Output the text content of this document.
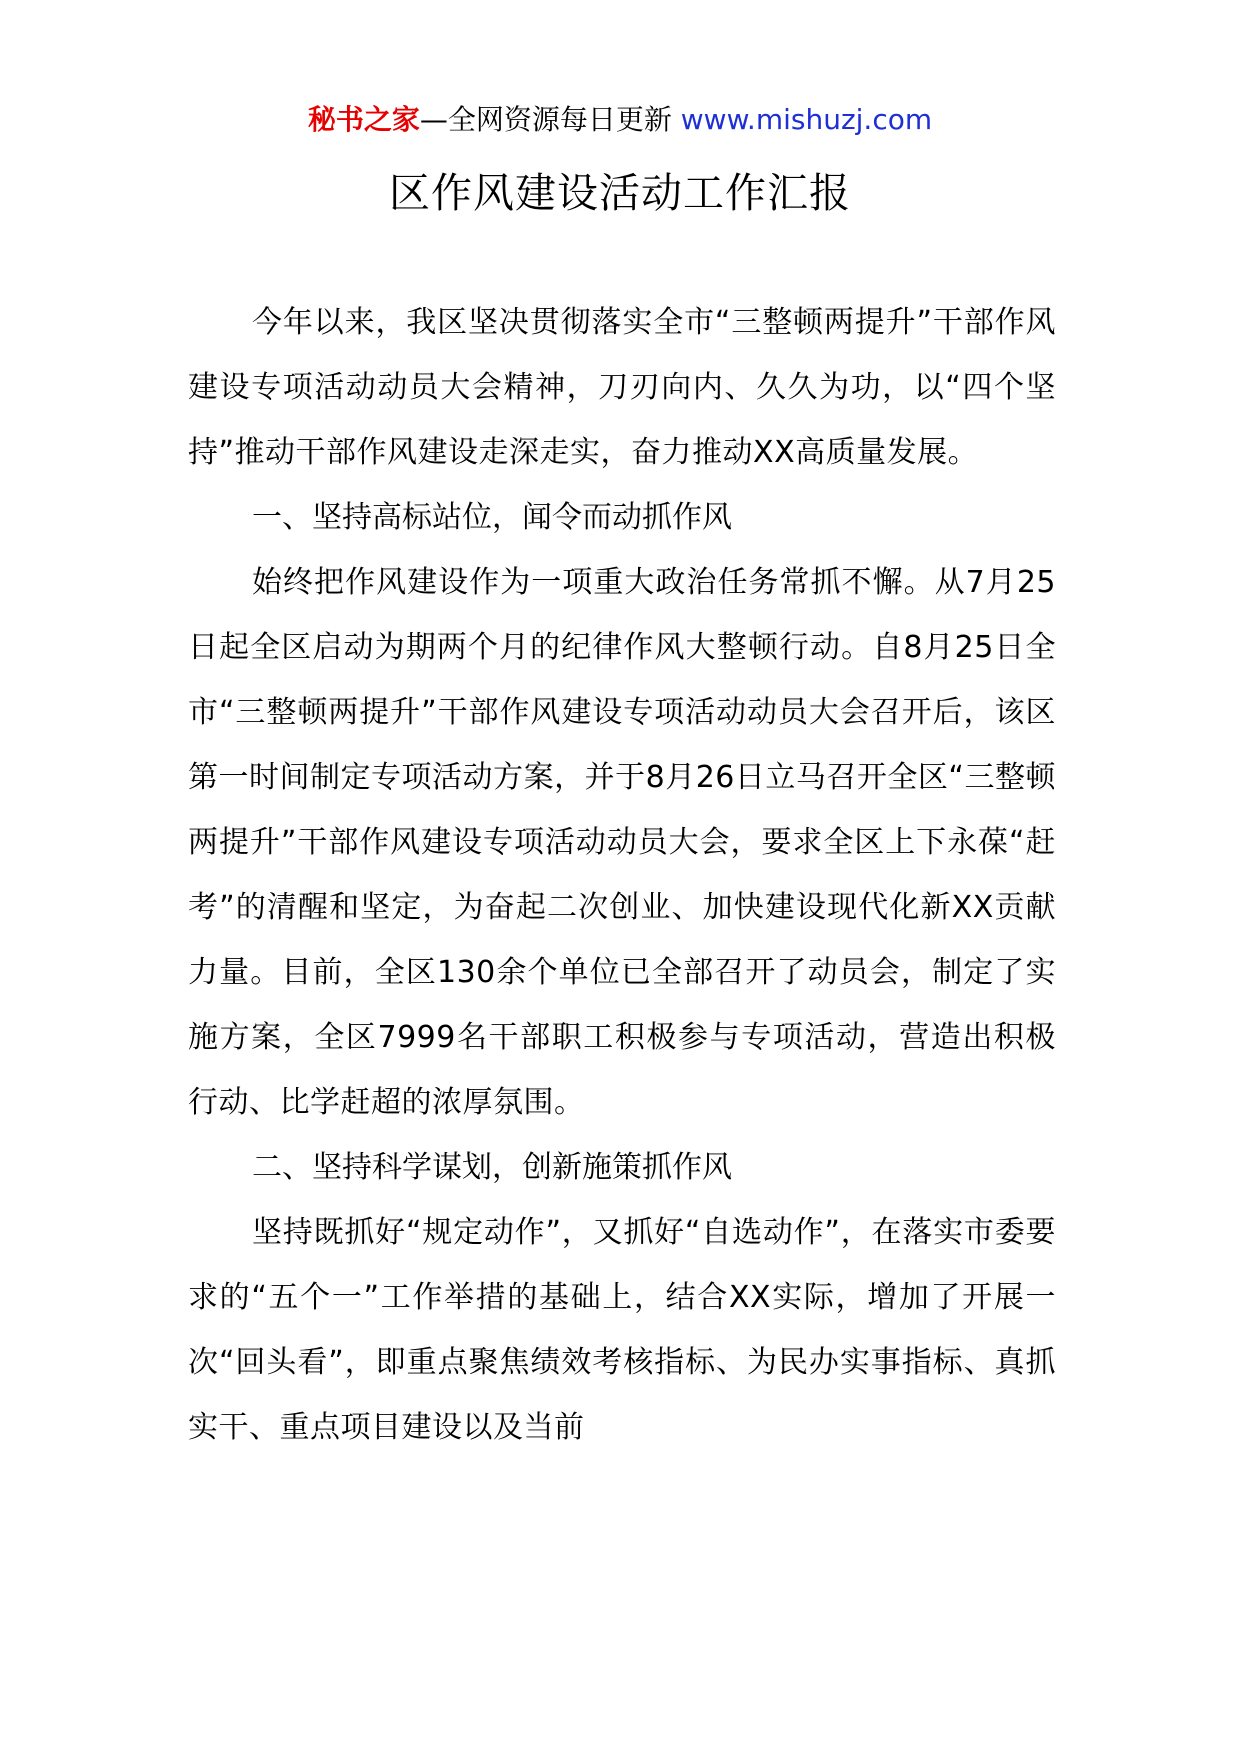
秘书之家—全网资源每日更新 www.mishuzj.com
区作风建设活动工作汇报

今年以来，我区坚决贯彻落实全市“三整顿两提升”干部作风建设专项活动动员大会精神，刀刃向内、久久为功，以“四个坚持”推动干部作风建设走深走实，奋力推动XX高质量发展。

一、坚持高标站位，闻令而动抓作风

始终把作风建设作为一项重大政治任务常抓不懈。从7月25日起全区启动为期两个月的纪律作风大整顿行动。自8月25日全市“三整顿两提升”干部作风建设专项活动动员大会召开后，该区第一时间制定专项活动方案，并于8月26日立马召开全区“三整顿两提升”干部作风建设专项活动动员大会，要求全区上下永葆“赶考”的清醒和坚定，为奋起二次创业、加快建设现代化新XX贡献力量。目前，全区130余个单位已全部召开了动员会，制定了实施方案，全区7999名干部职工积极参与专项活动，营造出积极行动、比学赶超的浓厚氛围。

二、坚持科学谋划，创新施策抓作风

坚持既抓好“规定动作”，又抓好“自选动作”，在落实市委要求的“五个一”工作举措的基础上，结合XX实际，增加了开展一次“回头看”，即重点聚焦绩效考核指标、为民办实事指标、真抓实干、重点项目建设以及当前
